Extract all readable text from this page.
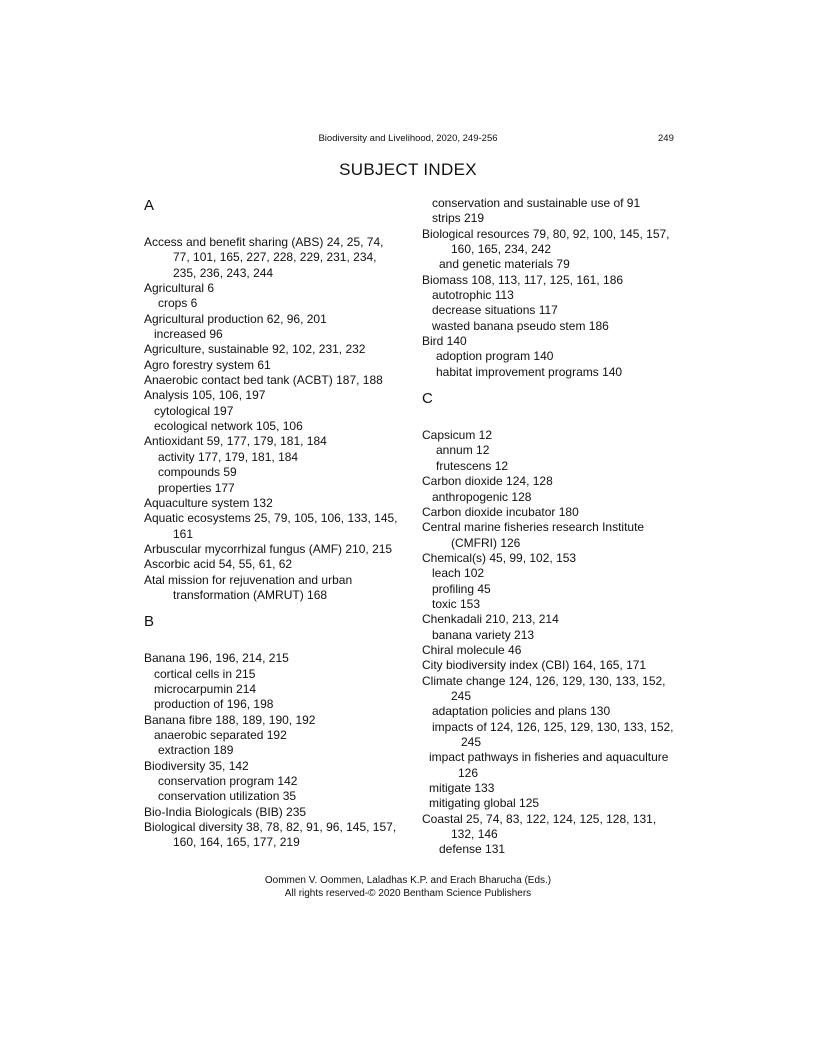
Biodiversity and Livelihood, 2020, 249-256	249
SUBJECT INDEX
A
Access and benefit sharing (ABS) 24, 25, 74, 77, 101, 165, 227, 228, 229, 231, 234, 235, 236, 243, 244
Agricultural 6
crops 6
Agricultural production 62, 96, 201
increased 96
Agriculture, sustainable 92, 102, 231, 232
Agro forestry system 61
Anaerobic contact bed tank (ACBT) 187, 188
Analysis 105, 106, 197
cytological 197
ecological network 105, 106
Antioxidant 59, 177, 179, 181, 184
activity 177, 179, 181, 184
compounds 59
properties 177
Aquaculture system 132
Aquatic ecosystems 25, 79, 105, 106, 133, 145, 161
Arbuscular mycorrhizal fungus (AMF) 210, 215
Ascorbic acid 54, 55, 61, 62
Atal mission for rejuvenation and urban transformation (AMRUT) 168
B
Banana 196, 196, 214, 215
cortical cells in 215
microcarpumin 214
production of 196, 198
Banana fibre 188, 189, 190, 192
anaerobic separated 192
extraction 189
Biodiversity 35, 142
conservation program 142
conservation utilization 35
Bio-India Biologicals (BIB) 235
Biological diversity 38, 78, 82, 91, 96, 145, 157, 160, 164, 165, 177, 219
conservation and sustainable use of 91
strips 219
Biological resources 79, 80, 92, 100, 145, 157, 160, 165, 234, 242
and genetic materials 79
Biomass 108, 113, 117, 125, 161, 186
autotrophic 113
decrease situations 117
wasted banana pseudo stem 186
Bird 140
adoption program 140
habitat improvement programs 140
C
Capsicum 12
annum 12
frutescens 12
Carbon dioxide 124, 128
anthropogenic 128
Carbon dioxide incubator 180
Central marine fisheries research Institute (CMFRI) 126
Chemical(s) 45, 99, 102, 153
leach 102
profiling 45
toxic 153
Chenkadali 210, 213, 214
banana variety 213
Chiral molecule 46
City biodiversity index (CBI) 164, 165, 171
Climate change 124, 126, 129, 130, 133, 152, 245
adaptation policies and plans 130
impacts of 124, 126, 125, 129, 130, 133, 152, 245
impact pathways in fisheries and aquaculture 126
mitigate 133
mitigating global 125
Coastal 25, 74, 83, 122, 124, 125, 128, 131, 132, 146
defense 131
Oommen V. Oommen, Laladhas K.P. and Erach Bharucha (Eds.)
All rights reserved-© 2020 Bentham Science Publishers
